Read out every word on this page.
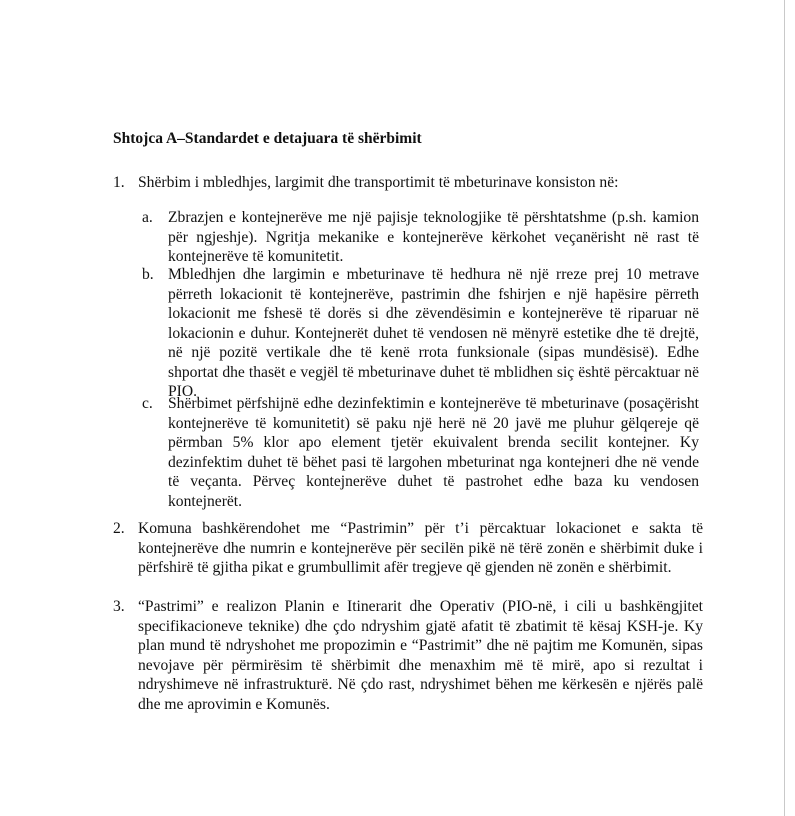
Shtojca A–Standardet e detajuara të shërbimit
1. Shërbim i mbledhjes, largimit dhe transportimit të mbeturinave konsiston në:
a. Zbrazjen e kontejnerëve me një pajisje teknologjike të përshtatshme (p.sh. kamion për ngjeshje). Ngritja mekanike e kontejnerëve kërkohet veçanërisht në rast të kontejnerëve të komunitetit.
b. Mbledhjen dhe largimin e mbeturinave të hedhura në një rreze prej 10 metrave përreth lokacionit të kontejnerëve, pastrimin dhe fshirjen e një hapësire përreth lokacionit me fshesë të dorës si dhe zëvendësimin e kontejnerëve të riparuar në lokacionin e duhur. Kontejnerët duhet të vendosen në mënyrë estetike dhe të drejtë, në një pozitë vertikale dhe të kenë rrota funksionale (sipas mundësisë). Edhe shportat dhe thasët e vegjël të mbeturinave duhet të mblidhen siç është përcaktuar në PIO.
c. Shërbimet përfshijnë edhe dezinfektimin e kontejnerëve të mbeturinave (posaçërisht kontejnerëve të komunitetit) së paku një herë në 20 javë me pluhur gëlqereje që përmban 5% klor apo element tjetër ekuivalent brenda secilit kontejner. Ky dezinfektim duhet të bëhet pasi të largohen mbeturinat nga kontejneri dhe në vende të veçanta. Përveç kontejnerëve duhet të pastrohet edhe baza ku vendosen kontejnerët.
2. Komuna bashkërendohet me “Pastrimin” për t’i përcaktuar lokacionet e sakta të kontejnerëve dhe numrin e kontejnerëve për secilën pikë në tërë zonën e shërbimit duke i përfshirë të gjitha pikat e grumbullimit afër tregjeve që gjenden në zonën e shërbimit.
3. “Pastrimi” e realizon Planin e Itinerarit dhe Operativ (PIO-në, i cili u bashkëngjitet specifikacioneve teknike) dhe çdo ndryshim gjatë afatit të zbatimit të kësaj KSH-je. Ky plan mund të ndryshohet me propozimin e “Pastrimit” dhe në pajtim me Komunën, sipas nevojave për përmirësim të shërbimit dhe menaxhim më të mirë, apo si rezultat i ndryshimeve në infrastrukturë. Në çdo rast, ndryshimet bëhen me kërkesën e njërës palë dhe me aprovimin e Komunës.
